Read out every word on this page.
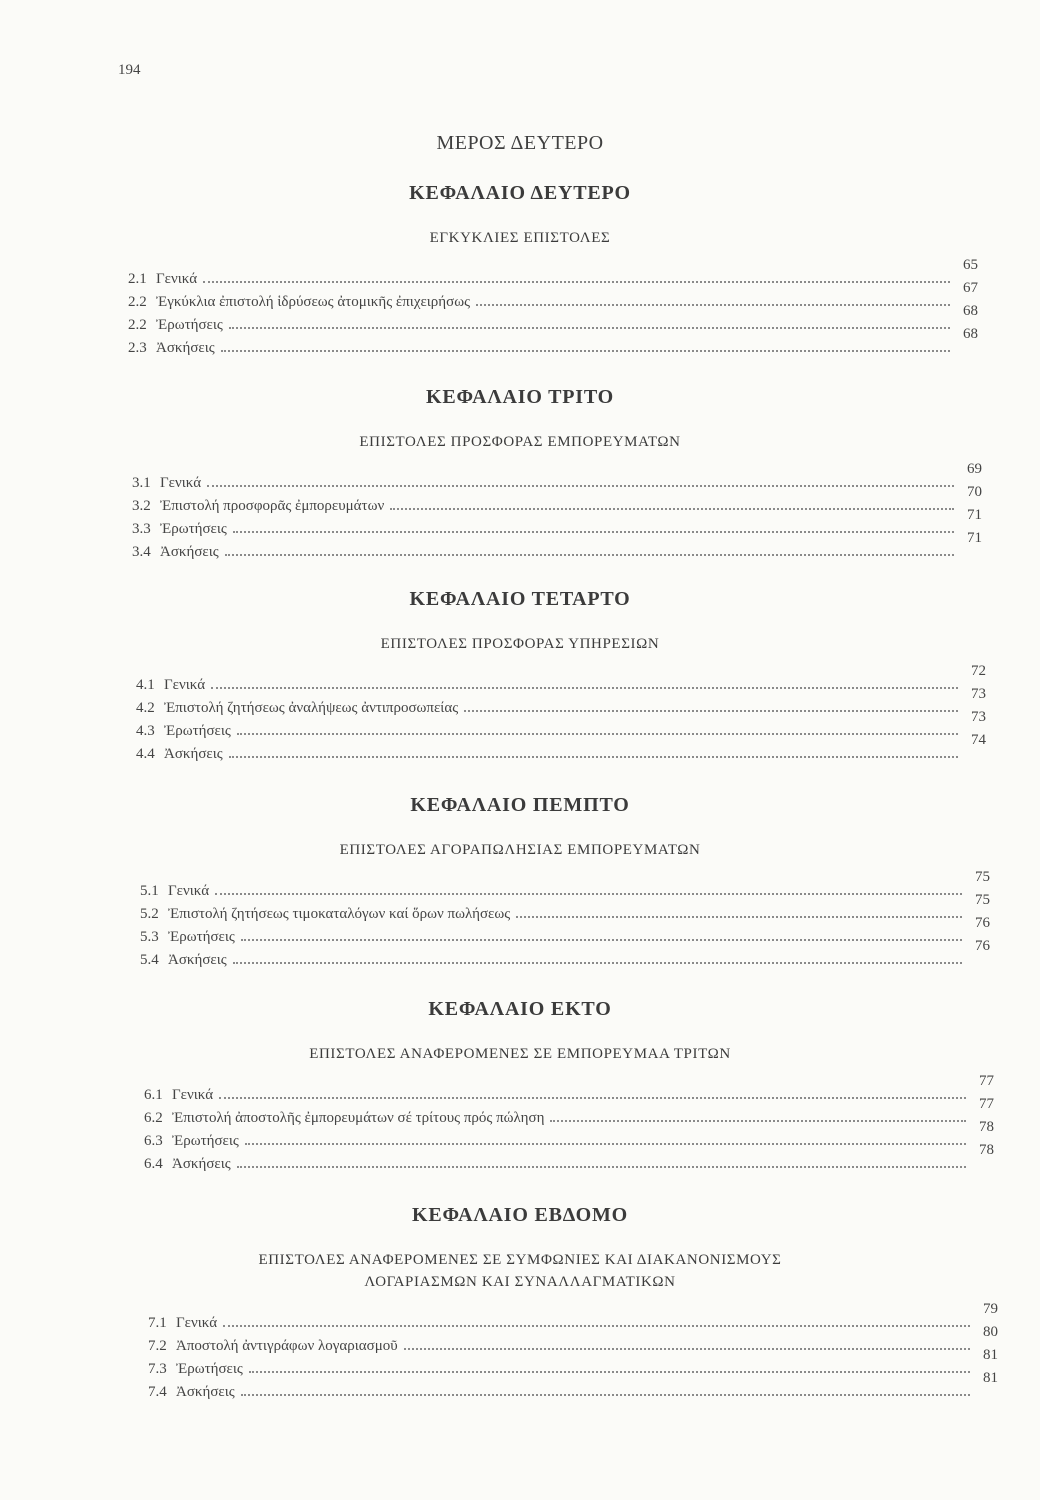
194
ΜΕΡΟΣ ΔΕΥΤΕΡΟ
ΚΕΦΑΛΑΙΟ ΔΕΥΤΕΡΟ
ΕΓΚΥΚΛΙΕΣ ΕΠΙΣΤΟΛΕΣ
2.1 Γενικά
65
2.2 Ἐγκύκλια ἐπιστολή ἱδρύσεως ἀτομικῆς ἐπιχειρήσως
67
2.2 Ἐρωτήσεις
68
2.3 Ἀσκήσεις
68
ΚΕΦΑΛΑΙΟ ΤΡΙΤΟ
ΕΠΙΣΤΟΛΕΣ ΠΡΟΣΦΟΡΑΣ ΕΜΠΟΡΕΥΜΑΤΩΝ
3.1 Γενικά
69
3.2 Ἐπιστολή προσφορᾶς ἐμπορευμάτων
70
3.3 Ἐρωτήσεις
71
3.4 Ἀσκήσεις
71
ΚΕΦΑΛΑΙΟ ΤΕΤΑΡΤΟ
ΕΠΙΣΤΟΛΕΣ ΠΡΟΣΦΟΡΑΣ ΥΠΗΡΕΣΙΩΝ
4.1 Γενικά
72
4.2 Ἐπιστολή ζητήσεως ἀναλήψεως ἀντιπροσωπείας
73
4.3 Ἐρωτήσεις
73
4.4 Ἀσκήσεις
74
ΚΕΦΑΛΑΙΟ ΠΕΜΠΤΟ
ΕΠΙΣΤΟΛΕΣ ΑΓΟΡΑΠΩΛΗΣΙΑΣ ΕΜΠΟΡΕΥΜΑΤΩΝ
5.1 Γενικά
75
5.2 Ἐπιστολή ζητήσεως τιμοκαταλόγων καί ὅρων πωλήσεως
75
5.3 Ἐρωτήσεις
76
5.4 Ἀσκήσεις
76
ΚΕΦΑΛΑΙΟ ΕΚΤΟ
ΕΠΙΣΤΟΛΕΣ ΑΝΑΦΕΡΟΜΕΝΕΣ ΣΕ ΕΜΠΟΡΕΥΜΑΑ ΤΡΙΤΩΝ
6.1 Γενικά
77
6.2 Ἐπιστολή ἀποστολῆς ἐμπορευμάτων σέ τρίτους πρός πώληση
77
6.3 Ἐρωτήσεις
78
6.4 Ἀσκήσεις
78
ΚΕΦΑΛΑΙΟ ΕΒΔΟΜΟ
ΕΠΙΣΤΟΛΕΣ ΑΝΑΦΕΡΟΜΕΝΕΣ ΣΕ ΣΥΜΦΩΝΙΕΣ ΚΑΙ ΔΙΑΚΑΝΟΝΙΣΜΟΥΣ
ΛΟΓΑΡΙΑΣΜΩΝ ΚΑΙ ΣΥΝΑΛΛΑΓΜΑΤΙΚΩΝ
7.1 Γενικά
79
7.2 Ἀποστολή ἀντιγράφων λογαριασμοῦ
80
7.3 Ἐρωτήσεις
81
7.4 Ἀσκήσεις
81
